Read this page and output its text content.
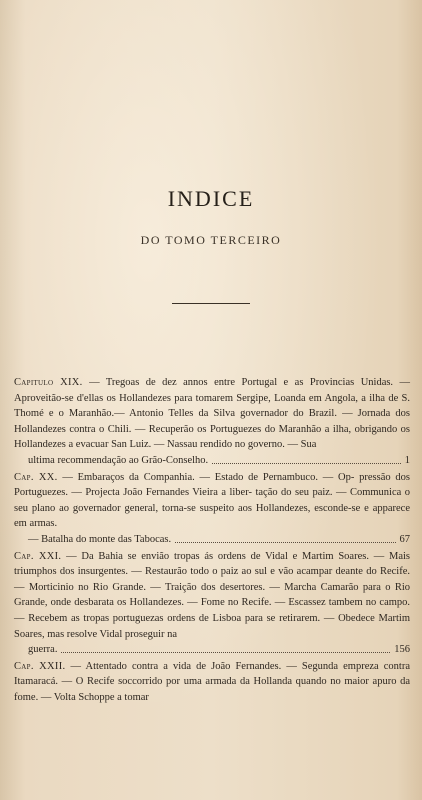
INDICE
DO TOMO TERCEIRO

Capitulo XIX. — Tregoas de dez annos entre Portugal e as Provincias Unidas. — Aproveitão-se d'ellas os Hollandezes para tomarem Sergipe, Loanda em Angola, a ilha de S. Thomé e o Maranhão.— Antonio Telles da Silva governador do Brazil. — Jornada dos Hollandezes contra o Chili. — Recuperão os Portuguezes do Maranhão a ilha, obrigando os Hollandezes a evacuar San Luiz. — Nassau rendido no governo. — Sua

ultima recommendação ao Grão-Conselho.	1

Cap. XX. — Embaraços da Companhia. — Estado de Pernambuco. — Op- pressão dos Portuguezes. — Projecta João Fernandes Vieira a liber- tação do seu paiz. — Communica o seu plano ao governador general, torna-se suspeito aos Hollandezes, esconde-se e apparece em armas.

— Batalha do monte das Tabocas.	67

Cap. XXI. — Da Bahia se envião tropas ás ordens de Vidal e Martim Soares. — Mais triumphos dos insurgentes. — Restaurão todo o paiz ao sul e vão acampar deante do Recife. — Morticinio no Rio Grande. — Traição dos desertores. — Marcha Camarão para o Rio Grande, onde desbarata os Hollandezes. — Fome no Recife. — Escassez tambem no campo. — Recebem as tropas portuguezas ordens de Lisboa para se retirarem. — Obedece Martim Soares, mas resolve Vidal proseguir na

guerra.	156

Cap. XXII. — Attentado contra a vida de João Fernandes. — Segunda empreza contra Itamaracá. — O Recife soccorrido por uma armada da Hollanda quando no maior apuro da fome. — Volta Schoppe a tomar
